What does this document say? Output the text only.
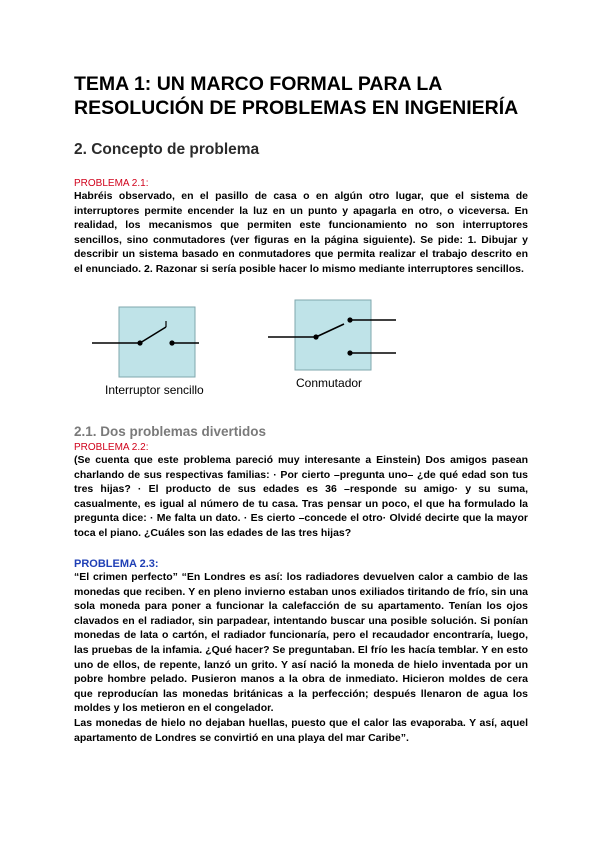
TEMA 1: UN MARCO FORMAL PARA LA RESOLUCIÓN DE PROBLEMAS EN INGENIERÍA
2. Concepto de problema
PROBLEMA 2.1:

Habréis observado, en el pasillo de casa o en algún otro lugar, que el sistema de interruptores permite encender la luz en un punto y apagarla en otro, o viceversa. En realidad, los mecanismos que permiten este funcionamiento no son interruptores sencillos, sino conmutadores (ver figuras en la página siguiente). Se pide: 1. Dibujar y describir un sistema basado en conmutadores que permita realizar el trabajo descrito en el enunciado. 2. Razonar si sería posible hacer lo mismo mediante interruptores sencillos.

Interruptor sencillo	Conmutador
2.1. Dos problemas divertidos
PROBLEMA 2.2:

(Se cuenta que este problema pareció muy interesante a Einstein) Dos amigos pasean charlando de sus respectivas familias: · Por cierto –pregunta uno– ¿de qué edad son tus tres hijas? · El producto de sus edades es 36 –responde su amigo· y su suma, casualmente, es igual al número de tu casa. Tras pensar un poco, el que ha formulado la pregunta dice: · Me falta un dato. · Es cierto –concede el otro· Olvidé decirte que la mayor toca el piano. ¿Cuáles son las edades de las tres hijas?

PROBLEMA 2.3:

“El crimen perfecto” “En Londres es así: los radiadores devuelven calor a cambio de las monedas que reciben. Y en pleno invierno estaban unos exiliados tiritando de frío, sin una sola moneda para poner a funcionar la calefacción de su apartamento. Tenían los ojos clavados en el radiador, sin parpadear, intentando buscar una posible solución. Si ponían monedas de lata o cartón, el radiador funcionaría, pero el recaudador encontraría, luego, las pruebas de la infamia. ¿Qué hacer? Se preguntaban. El frío les hacía temblar. Y en esto uno de ellos, de repente, lanzó un grito. Y así nació la moneda de hielo inventada por un pobre hombre pelado. Pusieron manos a la obra de inmediato. Hicieron moldes de cera que reproducían las monedas británicas a la perfección; después llenaron de agua los moldes y los metieron en el congelador.

Las monedas de hielo no dejaban huellas, puesto que el calor las evaporaba. Y así, aquel apartamento de Londres se convirtió en una playa del mar Caribe”.
